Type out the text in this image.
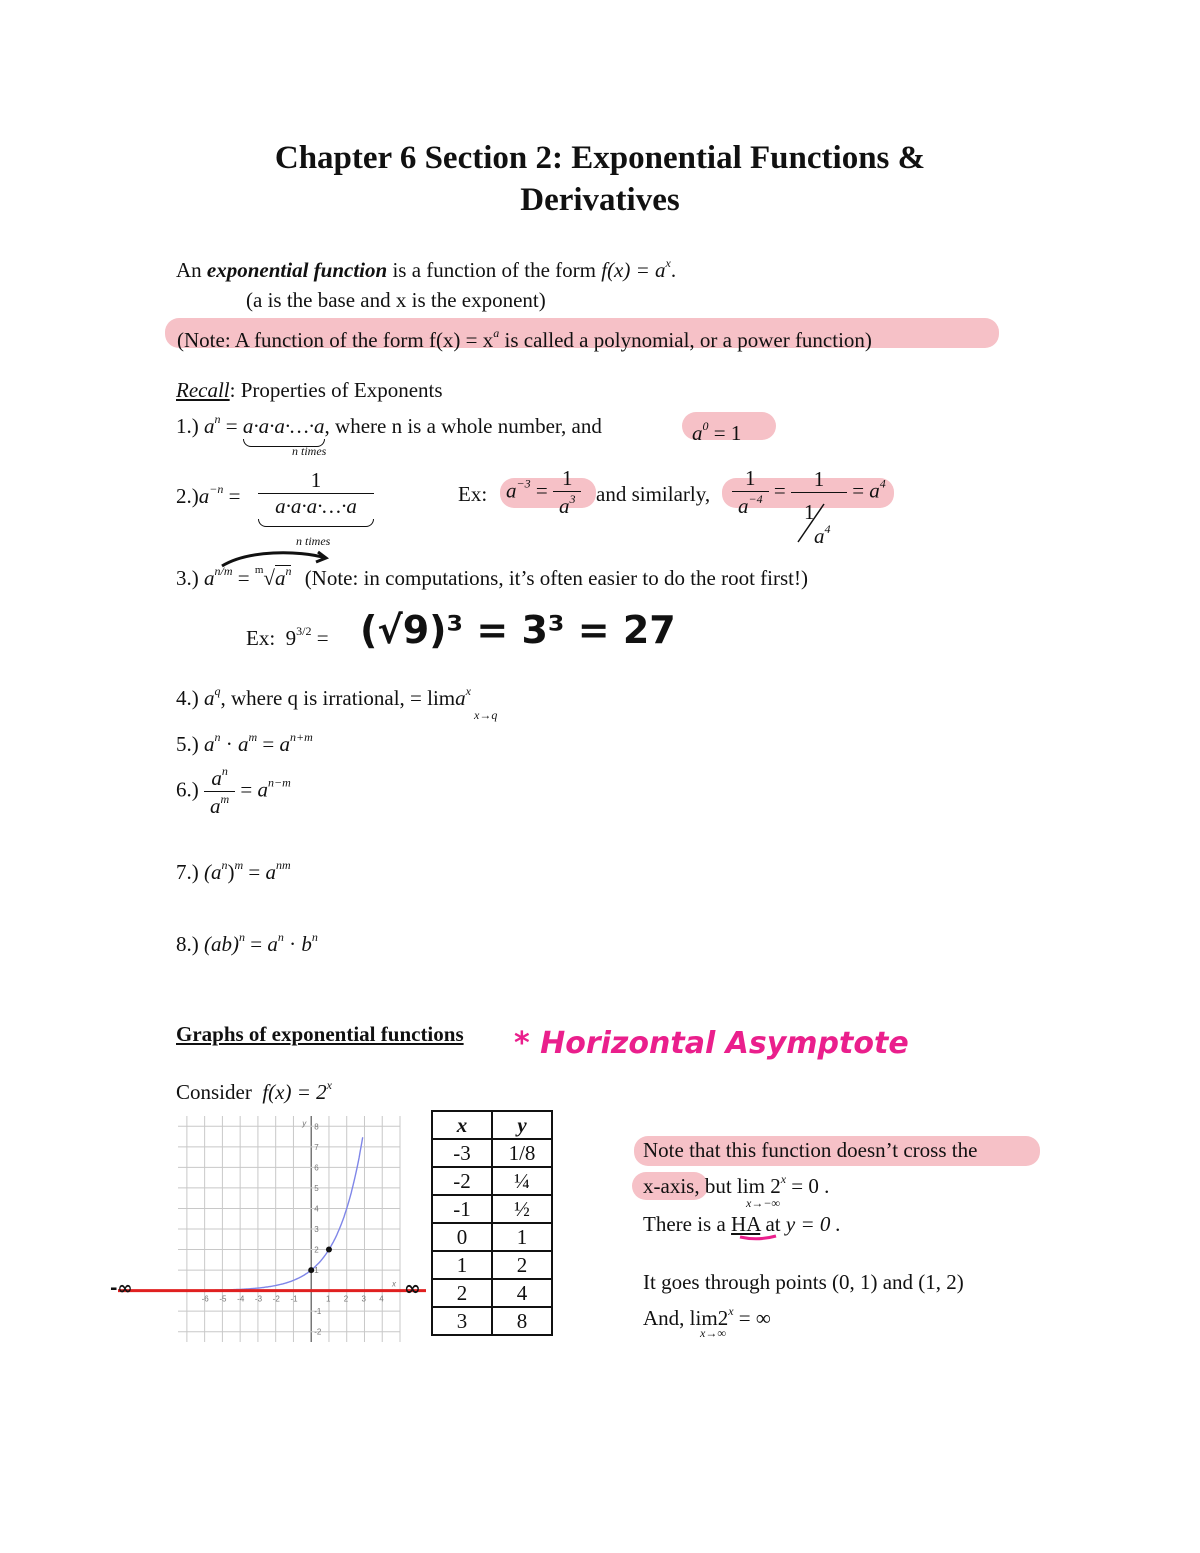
Chapter 6 Section 2: Exponential Functions &
Derivatives
An exponential function is a function of the form $f(x) = a^x$.
(a is the base and x is the exponent)
(Note: A function of the form $f(x) = x^a$ is called a polynomial, or a power function)
Recall: Properties of Exponents
1.) $a^n$ = a·a·a·…·a, where n is a whole number, and
n times
$a^0 = 1$
$2.)a^{-n} = \frac{1}{a\cdot a\cdot a\cdot\dots\cdot a}$
n times
Ex: $a^{-3} = \frac{1}{a^3}$ and similarly, $\frac{1}{a^{-4}}$ =	1
	= $a^4$
1
$a^4$
3.) $a^{n/m} = ^m√a^n$ (Note: in computations, it’s often easier to do the root first!)
Ex: $9^{3/2} = (√9)^3 = 3^3 = 27$
4.) $a^q$, where q is irrational, = lima$^x$
x→q
5.) $a^n \cdot a^m = a^{n+m}$
$6.) \frac{a^n}{a^m} = a^{n-m}$
7.) $(a^n)^m = a^{nm}$
8.) $(ab)^n = a^n \cdot b^n$
Graphs of exponential functions * Horizontal Asymptote
Consider $f(x) = 2^x$
-6 -5 -4 -3 -2 -1	1 2 3 4
8
7
6
5
4
3
2
1
-1
-2
x
y
-∞	∞
x	y
-3	1/8
-2	¼
-1	½
0	1
1	2
2	4
3	8
Note that this function doesn’t cross the
x-axis, but $\lim 2^x = 0$ .
x→−∞
There is a HA at y = 0 .
It goes through points (0, 1) and (1, 2)
And, $\lim 2^x$ = ∞
x→∞
